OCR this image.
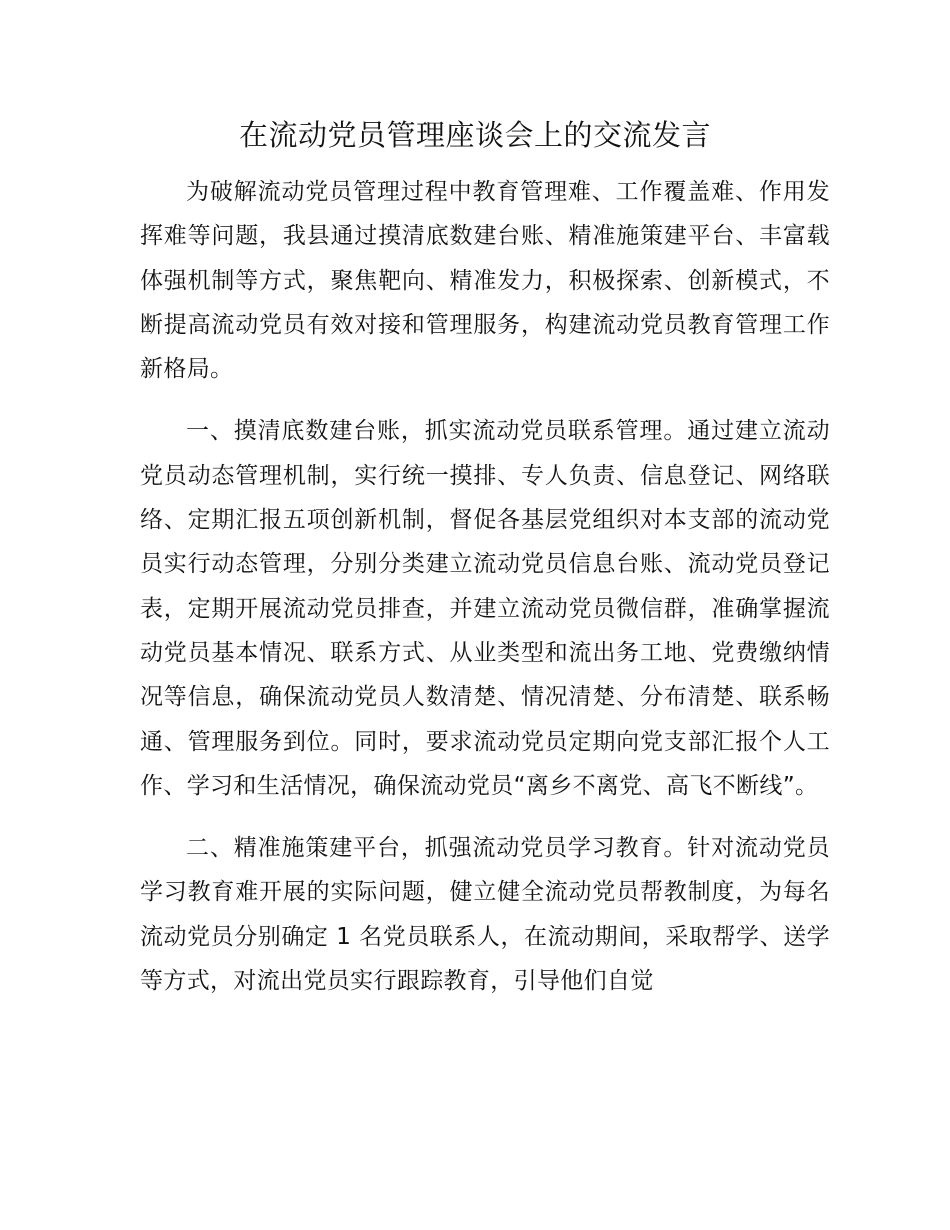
在流动党员管理座谈会上的交流发言

为破解流动党员管理过程中教育管理难、工作覆盖难、作用发挥难等问题，我县通过摸清底数建台账、精准施策建平台、丰富载体强机制等方式，聚焦靶向、精准发力，积极探索、创新模式，不断提高流动党员有效对接和管理服务，构建流动党员教育管理工作新格局。

一、摸清底数建台账，抓实流动党员联系管理。通过建立流动党员动态管理机制，实行统一摸排、专人负责、信息登记、网络联络、定期汇报五项创新机制，督促各基层党组织对本支部的流动党员实行动态管理，分别分类建立流动党员信息台账、流动党员登记表，定期开展流动党员排查，并建立流动党员微信群，准确掌握流动党员基本情况、联系方式、从业类型和流出务工地、党费缴纳情况等信息，确保流动党员人数清楚、情况清楚、分布清楚、联系畅通、管理服务到位。同时，要求流动党员定期向党支部汇报个人工作、学习和生活情况，确保流动党员“离乡不离党、高飞不断线”。

二、精准施策建平台，抓强流动党员学习教育。针对流动党员学习教育难开展的实际问题，健立健全流动党员帮教制度，为每名流动党员分别确定 1 名党员联系人，在流动期间，采取帮学、送学等方式，对流出党员实行跟踪教育，引导他们自觉
